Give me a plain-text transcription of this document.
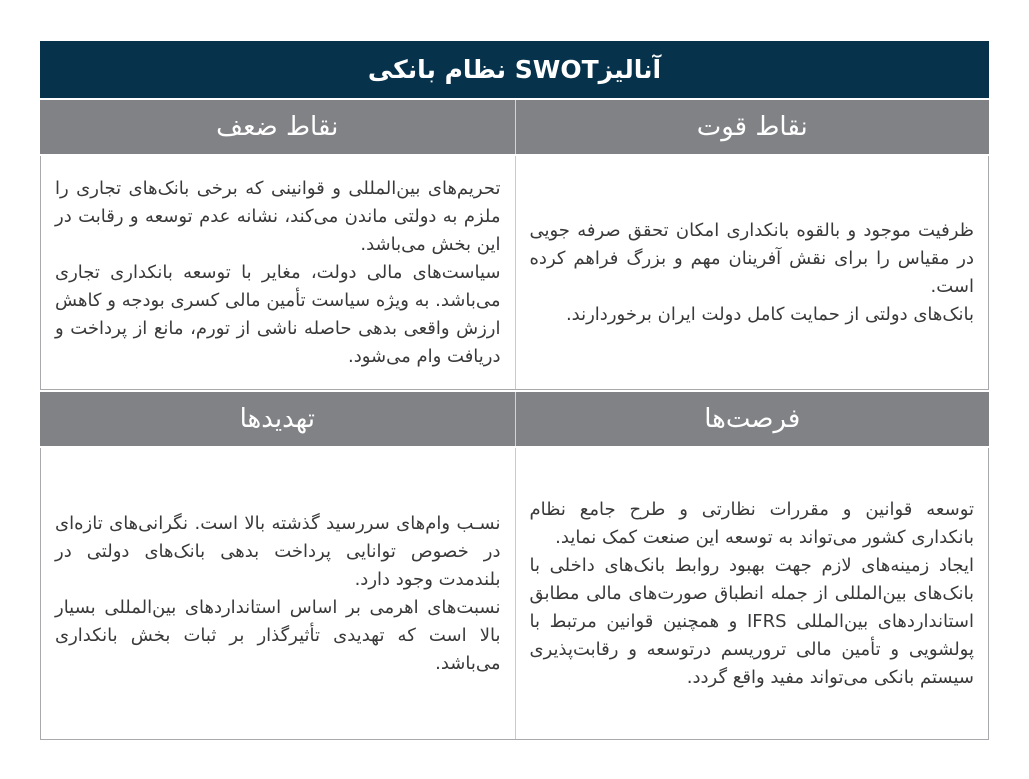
آنالیزSWOT نظام بانکی
نقاط قوت
نقاط ضعف

ظرفیت موجود و بالقوه بانکداری امکان تحقق صرفه جویی در مقیاس را برای نقش آفرینان مهم و بزرگ فراهم کرده است.

بانک‌های دولتی از حمایت کامل دولت ایران برخوردارند.

تحریم‌های بین‌المللی و قوانینی که برخی بانک‌های تجاری را ملزم به دولتی ماندن می‌کند، نشانه عدم توسعه و رقابت در این بخش می‌باشد.

سیاست‌های مالی دولت، مغایر با توسعه بانکداری تجاری می‌باشد. به ویژه سیاست تأمین مالی کسری بودجه و کاهش ارزش واقعی بدهی حاصله ناشی از تورم، مانع از پرداخت و دریافت وام می‌شود.

فرصت‌ها
تهدیدها

توسعه قوانین و مقررات نظارتی و طرح جامع نظام بانکداری کشور می‌تواند به توسعه این صنعت کمک نماید.

ایجاد زمینه‌های لازم جهت بهبود روابط بانک‌های داخلی با بانک‌های بین‌المللی از جمله انطباق صورت‌های مالی مطابق استانداردهای بین‌المللی IFRS و همچنین قوانین مرتبط با پولشویی و تأمین مالی تروریسم درتوسعه و رقابت‌پذیری سیستم بانکی می‌تواند مفید واقع گردد.

نسـب وام‌های سررسید گذشته بالا است. نگرانی‌های تازه‌ای در خصوص توانایی پرداخت بدهی بانک‌های دولتی در بلندمدت وجود دارد.

نسبت‌های اهرمی بر اساس استانداردهای بین‌المللی بسیار بالا است که تهدیدی تأثیرگذار بر ثبات بخش بانکداری می‌باشد.
